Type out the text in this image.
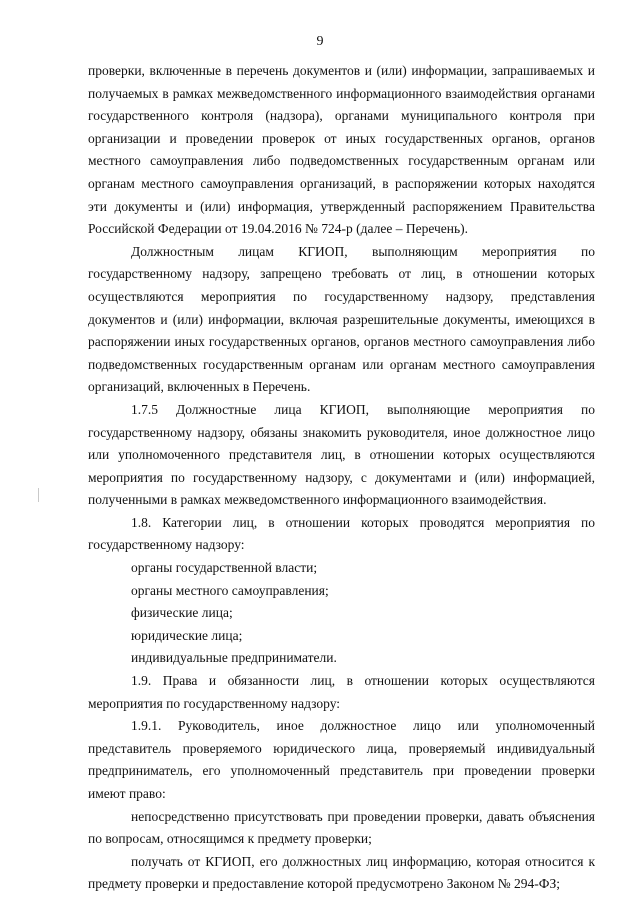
9

проверки, включенные в перечень документов и (или) информации, запрашиваемых и получаемых в рамках межведомственного информационного взаимодействия органами государственного контроля (надзора), органами муниципального контроля при организации и проведении проверок от иных государственных органов, органов местного самоуправления либо подведомственных государственным органам или органам местного самоуправления организаций, в распоряжении которых находятся эти документы и (или) информация, утвержденный распоряжением Правительства Российской Федерации от 19.04.2016 № 724-р (далее – Перечень).

Должностным лицам КГИОП, выполняющим мероприятия по государственному надзору, запрещено требовать от лиц, в отношении которых осуществляются мероприятия по государственному надзору, представления документов и (или) информации, включая разрешительные документы, имеющихся в распоряжении иных государственных органов, органов местного самоуправления либо подведомственных государственным органам или органам местного самоуправления организаций, включенных в Перечень.

1.7.5 Должностные лица КГИОП, выполняющие мероприятия по государственному надзору, обязаны знакомить руководителя, иное должностное лицо или уполномоченного представителя лиц, в отношении которых осуществляются мероприятия по государственному надзору, с документами и (или) информацией, полученными в рамках межведомственного информационного взаимодействия.

1.8. Категории лиц, в отношении которых проводятся мероприятия по государственному надзору:

органы государственной власти;

органы местного самоуправления;

физические лица;

юридические лица;

индивидуальные предприниматели.

1.9. Права и обязанности лиц, в отношении которых осуществляются мероприятия по государственному надзору:

1.9.1. Руководитель, иное должностное лицо или уполномоченный представитель проверяемого юридического лица, проверяемый индивидуальный предприниматель, его уполномоченный представитель при проведении проверки имеют право:

непосредственно присутствовать при проведении проверки, давать объяснения по вопросам, относящимся к предмету проверки;

получать от КГИОП, его должностных лиц информацию, которая относится к предмету проверки и предоставление которой предусмотрено Законом № 294-ФЗ;
